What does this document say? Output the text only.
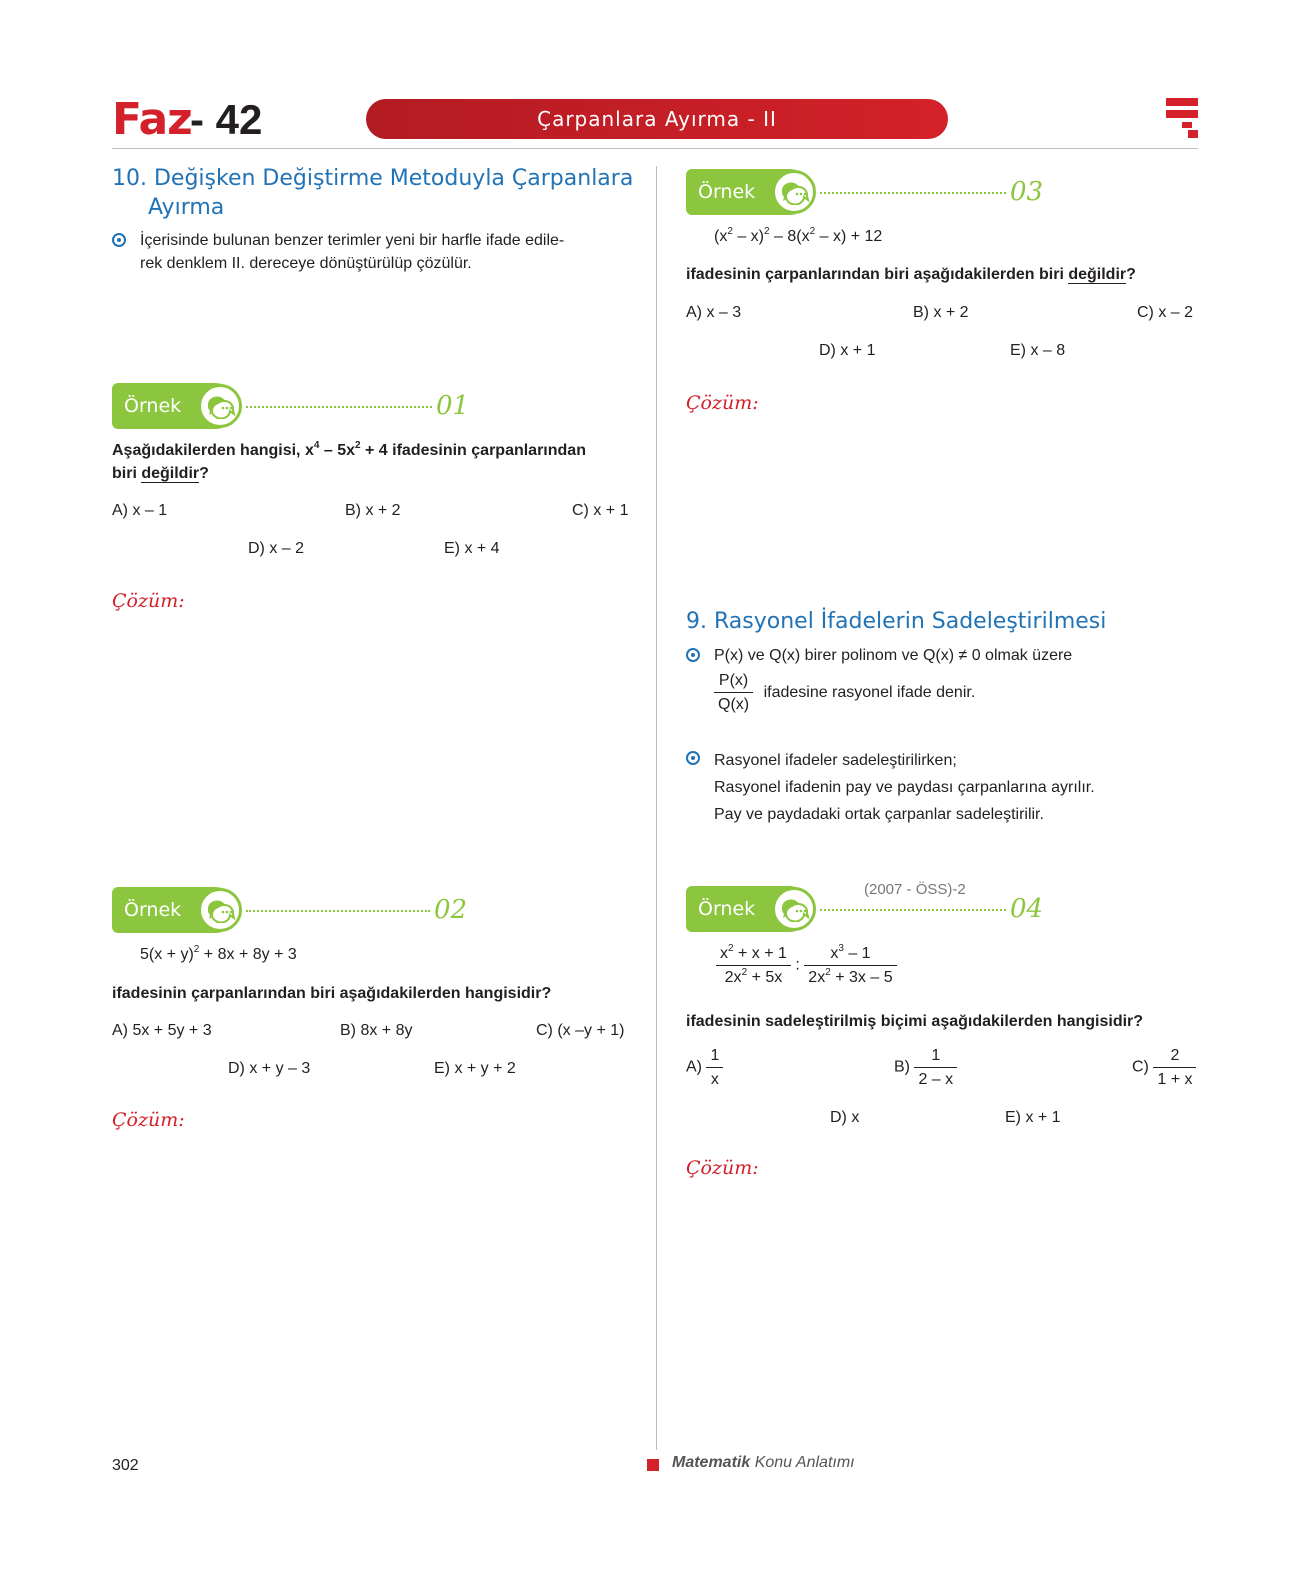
Faz
- 42	Çarpanlara Ayırma - II
10. Değişken Değiştirme Metoduyla Çarpanlara
Ayırma
İçerisinde bulunan benzer terimler yeni bir harfle ifade edile-
rek denklem II. dereceye dönüştürülüp çözülür.
Örnek	01
Aşağıdakilerden hangisi, $x^4 - 5x^2 + 4$ ifadesinin çarpanlarından
biri değildir?
A) x – 1	B) x + 2	C) x + 1
D) x – 2	E) x + 4
Çözüm:
Örnek	02
$5(x + y)^2 + 8x + 8y + 3$
ifadesinin çarpanlarından biri aşağıdakilerden hangisidir?
A) 5x + 5y + 3	B) 8x + 8y	C) (x –y + 1)
D) x + y – 3	E) x + y + 2
Çözüm:
Örnek	03
$(x^2 - x)^2 - 8(x^2 - x) + 12$
ifadesinin çarpanlarından biri aşağıdakilerden biri değildir?
A) x – 3	B) x + 2	C) x – 2
D) x + 1	E) x – 8
Çözüm:
9. Rasyonel İfadelerin Sadeleştirilmesi
P(x) ve Q(x) birer polinom ve Q(x) ≠ 0 olmak üzere
$\frac{P(x)}{Q(x)}$ ifadesine rasyonel ifade denir.
Rasyonel ifadeler sadeleştirilirken;
Rasyonel ifadenin pay ve paydası çarpanlarına ayrılır.
Pay ve paydadaki ortak çarpanlar sadeleştirilir.
Örnek	04
(2007 - ÖSS)-2
$\frac{x^2 + x + 1}{2x^2 + 5x}$ : $\frac{x^3 - 1}{2x^2 + 3x - 5}$
ifadesinin sadeleştirilmiş biçimi aşağıdakilerden hangisidir?
$A) \frac{1}{x}$	$B) \frac{1}{2 - x}$	$C) \frac{2}{1 + x}$
D) x	E) x + 1
Çözüm:
302	Matematik Konu Anlatımı
